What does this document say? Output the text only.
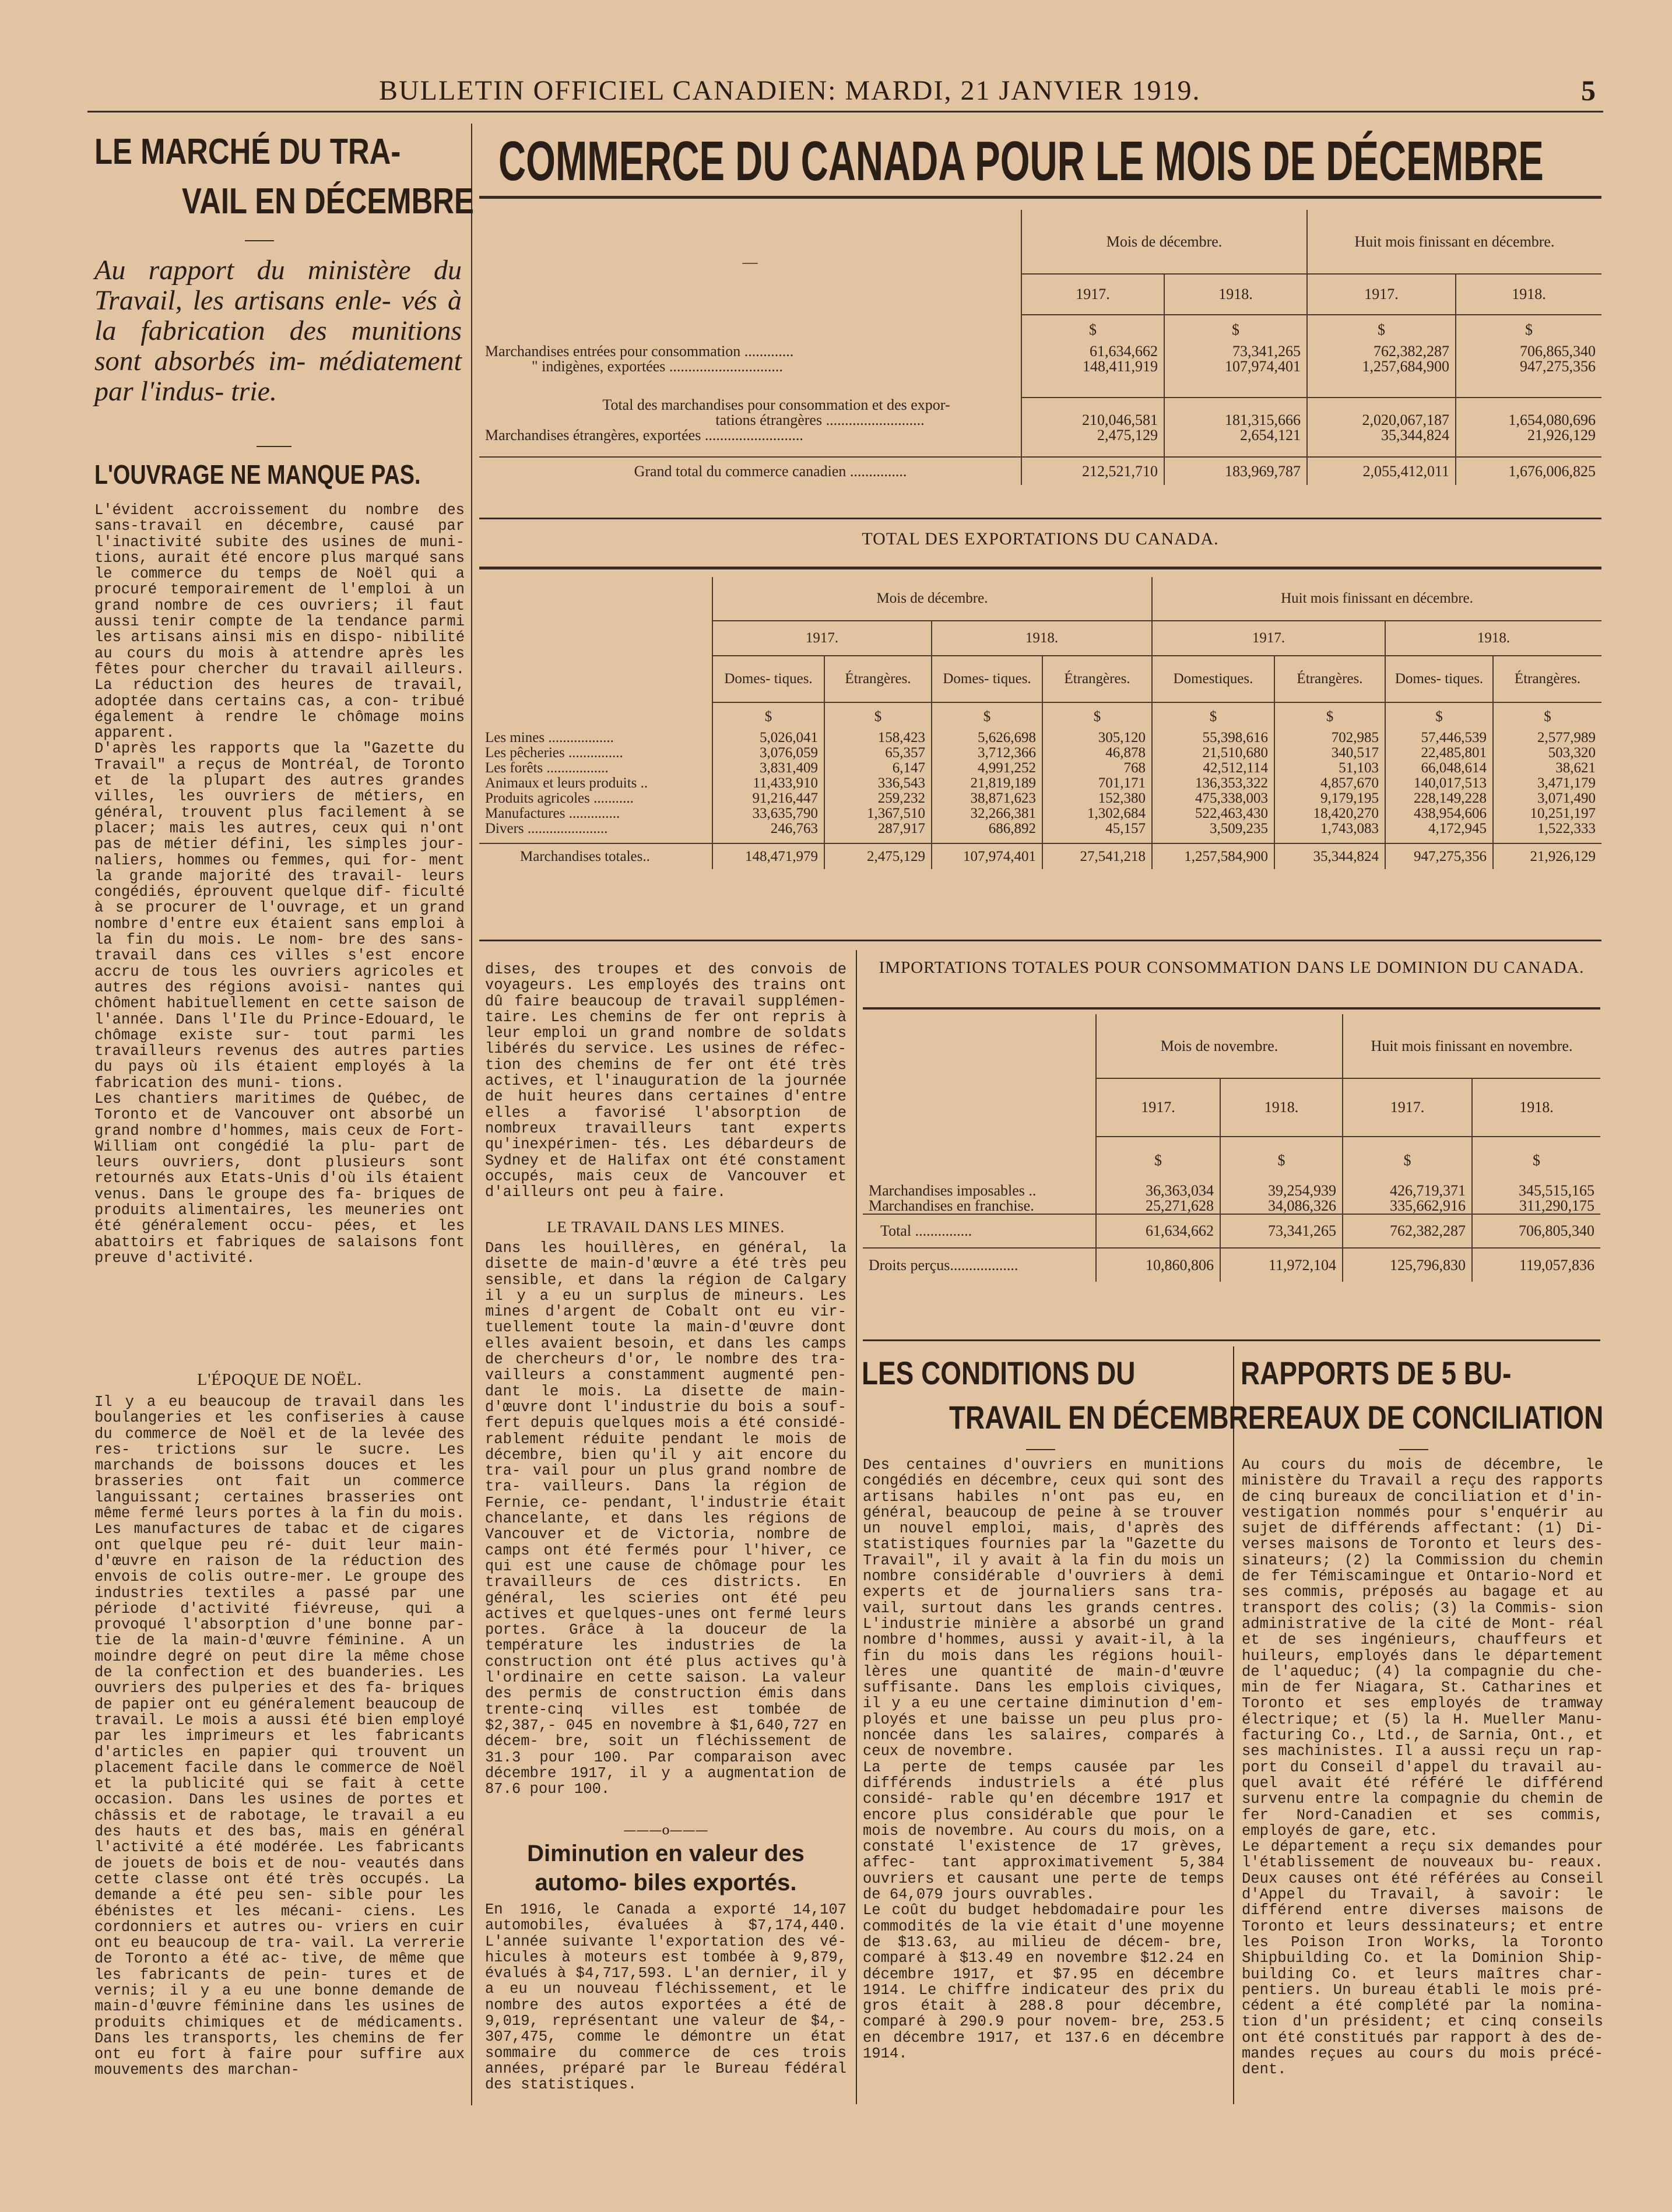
BULLETIN OFFICIEL CANADIEN: MARDI, 21 JANVIER 1919.	5
LE MARCHÉ DU TRA-
VAIL EN DÉCEMBRE
Au rapport du ministère du Travail, les artisans enle- vés à la fabrication des munitions sont absorbés im- médiatement par l'indus- trie.
L'OUVRAGE NE MANQUE PAS.
L'évident accroissement du nombre des sans-travail en décembre, causé par l'inactivité subite des usines de muni- tions, aurait été encore plus marqué sans le commerce du temps de Noël qui a procuré temporairement de l'emploi à un grand nombre de ces ouvriers; il faut aussi tenir compte de la tendance parmi les artisans ainsi mis en dispo- nibilité au cours du mois à attendre après les fêtes pour chercher du travail ailleurs. La réduction des heures de travail, adoptée dans certains cas, a con- tribué également à rendre le chômage moins apparent.
D'après les rapports que la "Gazette du Travail" a reçus de Montréal, de Toronto et de la plupart des autres grandes villes, les ouvriers de métiers, en général, trouvent plus facilement à se placer; mais les autres, ceux qui n'ont pas de métier défini, les simples jour- naliers, hommes ou femmes, qui for- ment la grande majorité des travail- leurs congédiés, éprouvent quelque dif- ficulté à se procurer de l'ouvrage, et un grand nombre d'entre eux étaient sans emploi à la fin du mois. Le nom- bre des sans-travail dans ces villes s'est encore accru de tous les ouvriers agricoles et autres des régions avoisi- nantes qui chôment habituellement en cette saison de l'année. Dans l'Ile du Prince-Edouard, le chômage existe sur- tout parmi les travailleurs revenus des autres parties du pays où ils étaient employés à la fabrication des muni- tions.
Les chantiers maritimes de Québec, de Toronto et de Vancouver ont absorbé un grand nombre d'hommes, mais ceux de Fort-William ont congédié la plu- part de leurs ouvriers, dont plusieurs sont retournés aux Etats-Unis d'où ils étaient venus. Dans le groupe des fa- briques de produits alimentaires, les meuneries ont été généralement occu- pées, et les abattoirs et fabriques de salaisons font preuve d'activité.
L'ÉPOQUE DE NOËL.
Il y a eu beaucoup de travail dans les boulangeries et les confiseries à cause du commerce de Noël et de la levée des res- trictions sur le sucre. Les marchands de boissons douces et les brasseries ont fait un commerce languissant; certaines brasseries ont même fermé leurs portes à la fin du mois. Les manufactures de tabac et de cigares ont quelque peu ré- duit leur main-d'œuvre en raison de la réduction des envois de colis outre-mer. Le groupe des industries textiles a passé par une période d'activité fiévreuse, qui a provoqué l'absorption d'une bonne par- tie de la main-d'œuvre féminine. A un moindre degré on peut dire la même chose de la confection et des buanderies. Les ouvriers des pulperies et des fa- briques de papier ont eu généralement beaucoup de travail. Le mois a aussi été bien employé par les imprimeurs et les fabricants d'articles en papier qui trouvent un placement facile dans le commerce de Noël et la publicité qui se fait à cette occasion. Dans les usines de portes et châssis et de rabotage, le travail a eu des hauts et des bas, mais en général l'activité a été modérée. Les fabricants de jouets de bois et de nou- veautés dans cette classe ont été très occupés. La demande a été peu sen- sible pour les ébénistes et les mécani- ciens. Les cordonniers et autres ou- vriers en cuir ont eu beaucoup de tra- vail. La verrerie de Toronto a été ac- tive, de même que les fabricants de pein- tures et de vernis; il y a eu une bonne demande de main-d'œuvre féminine dans les usines de produits chimiques et de médicaments. Dans les transports, les chemins de fer ont eu fort à faire pour suffire aux mouvements des marchan-
COMMERCE DU CANADA POUR LE MOIS DE DÉCEMBRE
—	Mois de décembre.		Huit mois finissant en décembre.	
	1917.	1918.	1917.	1918.
	$	$	$	$
Marchandises entrées pour consommation .............	61,634,662	73,341,265	762,382,287	706,865,340
" indigènes, exportées ..............................	148,411,919	107,974,401	1,257,684,900	947,275,356

Total des marchandises pour consommation et des expor-				
tations étrangères ..........................	210,046,581	181,315,666	2,020,067,187	1,654,080,696
Marchandises étrangères, exportées ..........................	2,475,129	2,654,121	35,344,824	21,926,129

Grand total du commerce canadien ...............	212,521,710	183,969,787	2,055,412,011	1,676,006,825
TOTAL DES EXPORTATIONS DU CANADA.
	Mois de décembre.				Huit mois finissant en décembre.			
	1917.		1918.		1917.		1918.	
	Domes- tiques.	Étrangères.	Domes- tiques.	Étrangères.	Domestiques.	Étrangères.	Domes- tiques.	Étrangères.
	$	$	$	$	$	$	$	$
Les mines ..................	5,026,041	158,423	5,626,698	305,120	55,398,616	702,985	57,446,539	2,577,989
Les pêcheries ...............	3,076,059	65,357	3,712,366	46,878	21,510,680	340,517	22,485,801	503,320
Les forêts .................	3,831,409	6,147	4,991,252	768	42,512,114	51,103	66,048,614	38,621
Animaux et leurs produits ..	11,433,910	336,543	21,819,189	701,171	136,353,322	4,857,670	140,017,513	3,471,179
Produits agricoles ...........	91,216,447	259,232	38,871,623	152,380	475,338,003	9,179,195	228,149,228	3,071,490
Manufactures ..............	33,635,790	1,367,510	32,266,381	1,302,684	522,463,430	18,420,270	438,954,606	10,251,197
Divers ......................	246,763	287,917	686,892	45,157	3,509,235	1,743,083	4,172,945	1,522,333

Marchandises totales..	148,471,979	2,475,129	107,974,401	27,541,218	1,257,584,900	35,344,824	947,275,356	21,926,129
dises, des troupes et des convois de voyageurs. Les employés des trains ont dû faire beaucoup de travail supplémen- taire. Les chemins de fer ont repris à leur emploi un grand nombre de soldats libérés du service. Les usines de réfec- tion des chemins de fer ont été très actives, et l'inauguration de la journée de huit heures dans certaines d'entre elles a favorisé l'absorption de nombreux travailleurs tant experts qu'inexpérimen- tés. Les débardeurs de Sydney et de Halifax ont été constament occupés, mais ceux de Vancouver et d'ailleurs ont peu à faire.
LE TRAVAIL DANS LES MINES.
Dans les houillères, en général, la disette de main-d'œuvre a été très peu sensible, et dans la région de Calgary il y a eu un surplus de mineurs. Les mines d'argent de Cobalt ont eu vir- tuellement toute la main-d'œuvre dont elles avaient besoin, et dans les camps de chercheurs d'or, le nombre des tra- vailleurs a constamment augmenté pen- dant le mois. La disette de main- d'œuvre dont l'industrie du bois a souf- fert depuis quelques mois a été considé- rablement réduite pendant le mois de décembre, bien qu'il y ait encore du tra- vail pour un plus grand nombre de tra- vailleurs. Dans la région de Fernie, ce- pendant, l'industrie était chancelante, et dans les régions de Vancouver et de Victoria, nombre de camps ont été fermés pour l'hiver, ce qui est une cause de chômage pour les travailleurs de ces districts. En général, les scieries ont été peu actives et quelques-unes ont fermé leurs portes. Grâce à la douceur de la température les industries de la construction ont été plus actives qu'à l'ordinaire en cette saison. La valeur des permis de construction émis dans trente-cinq villes est tombée de $2,387,- 045 en novembre à $1,640,727 en décem- bre, soit un fléchissement de 31.3 pour 100. Par comparaison avec décembre 1917, il y a augmentation de 87.6 pour 100.
———o———
Diminution en valeur des automo- biles exportés.
En 1916, le Canada a exporté 14,107 automobiles, évaluées à $7,174,440. L'année suivante l'exportation des vé- hicules à moteurs est tombée à 9,879, évalués à $4,717,593. L'an dernier, il y a eu un nouveau fléchissement, et le nombre des autos exportées a été de 9,019, représentant une valeur de $4,- 307,475, comme le démontre un état sommaire du commerce de ces trois années, préparé par le Bureau fédéral des statistiques.
IMPORTATIONS TOTALES POUR CONSOMMATION DANS LE DOMINION DU CANADA.
	Mois de novembre.		Huit mois finissant en novembre.	
	1917.	1918.	1917.	1918.
	$	$	$	$
Marchandises imposables ..	36,363,034	39,254,939	426,719,371	345,515,165
Marchandises en franchise.	25,271,628	34,086,326	335,662,916	311,290,175
Total ...............	61,634,662	73,341,265	762,382,287	706,805,340
Droits perçus..................	10,860,806	11,972,104	125,796,830	119,057,836
LES CONDITIONS DU
TRAVAIL EN DÉCEMBRE
Des centaines d'ouvriers en munitions congédiés en décembre, ceux qui sont des artisans habiles n'ont pas eu, en général, beaucoup de peine à se trouver un nouvel emploi, mais, d'après des statistiques fournies par la "Gazette du Travail", il y avait à la fin du mois un nombre considérable d'ouvriers à demi experts et de journaliers sans tra- vail, surtout dans les grands centres. L'industrie minière a absorbé un grand nombre d'hommes, aussi y avait-il, à la fin du mois dans les régions houil- lères une quantité de main-d'œuvre suffisante. Dans les emplois civiques, il y a eu une certaine diminution d'em- ployés et une baisse un peu plus pro- noncée dans les salaires, comparés à ceux de novembre.
La perte de temps causée par les différends industriels a été plus considé- rable qu'en décembre 1917 et encore plus considérable que pour le mois de novembre. Au cours du mois, on a constaté l'existence de 17 grèves, affec- tant approximativement 5,384 ouvriers et causant une perte de temps de 64,079 jours ouvrables.
Le coût du budget hebdomadaire pour les commodités de la vie était d'une moyenne de $13.63, au milieu de décem- bre, comparé à $13.49 en novembre $12.24 en décembre 1917, et $7.95 en décembre 1914. Le chiffre indicateur des prix du gros était à 288.8 pour décembre, comparé à 290.9 pour novem- bre, 253.5 en décembre 1917, et 137.6 en décembre 1914.
RAPPORTS DE 5 BU-
REAUX DE CONCILIATION
Au cours du mois de décembre, le ministère du Travail a reçu des rapports de cinq bureaux de conciliation et d'in- vestigation nommés pour s'enquérir au sujet de différends affectant: (1) Di- verses maisons de Toronto et leurs des- sinateurs; (2) la Commission du chemin de fer Témiscamingue et Ontario-Nord et ses commis, préposés au bagage et au transport des colis; (3) la Commis- sion administrative de la cité de Mont- réal et de ses ingénieurs, chauffeurs et huileurs, employés dans le département de l'aqueduc; (4) la compagnie du che- min de fer Niagara, St. Catharines et Toronto et ses employés de tramway électrique; et (5) la H. Mueller Manu- facturing Co., Ltd., de Sarnia, Ont., et ses machinistes. Il a aussi reçu un rap- port du Conseil d'appel du travail au- quel avait été référé le différend survenu entre la compagnie du chemin de fer Nord-Canadien et ses commis, employés de gare, etc.
Le département a reçu six demandes pour l'établissement de nouveaux bu- reaux. Deux causes ont été référées au Conseil d'Appel du Travail, à savoir: le différend entre diverses maisons de Toronto et leurs dessinateurs; et entre les Poison Iron Works, la Toronto Shipbuilding Co. et la Dominion Ship- building Co. et leurs maîtres char- pentiers. Un bureau établi le mois pré- cédent a été complété par la nomina- tion d'un président; et cinq conseils ont été constitués par rapport à des de- mandes reçues au cours du mois précé- dent.
